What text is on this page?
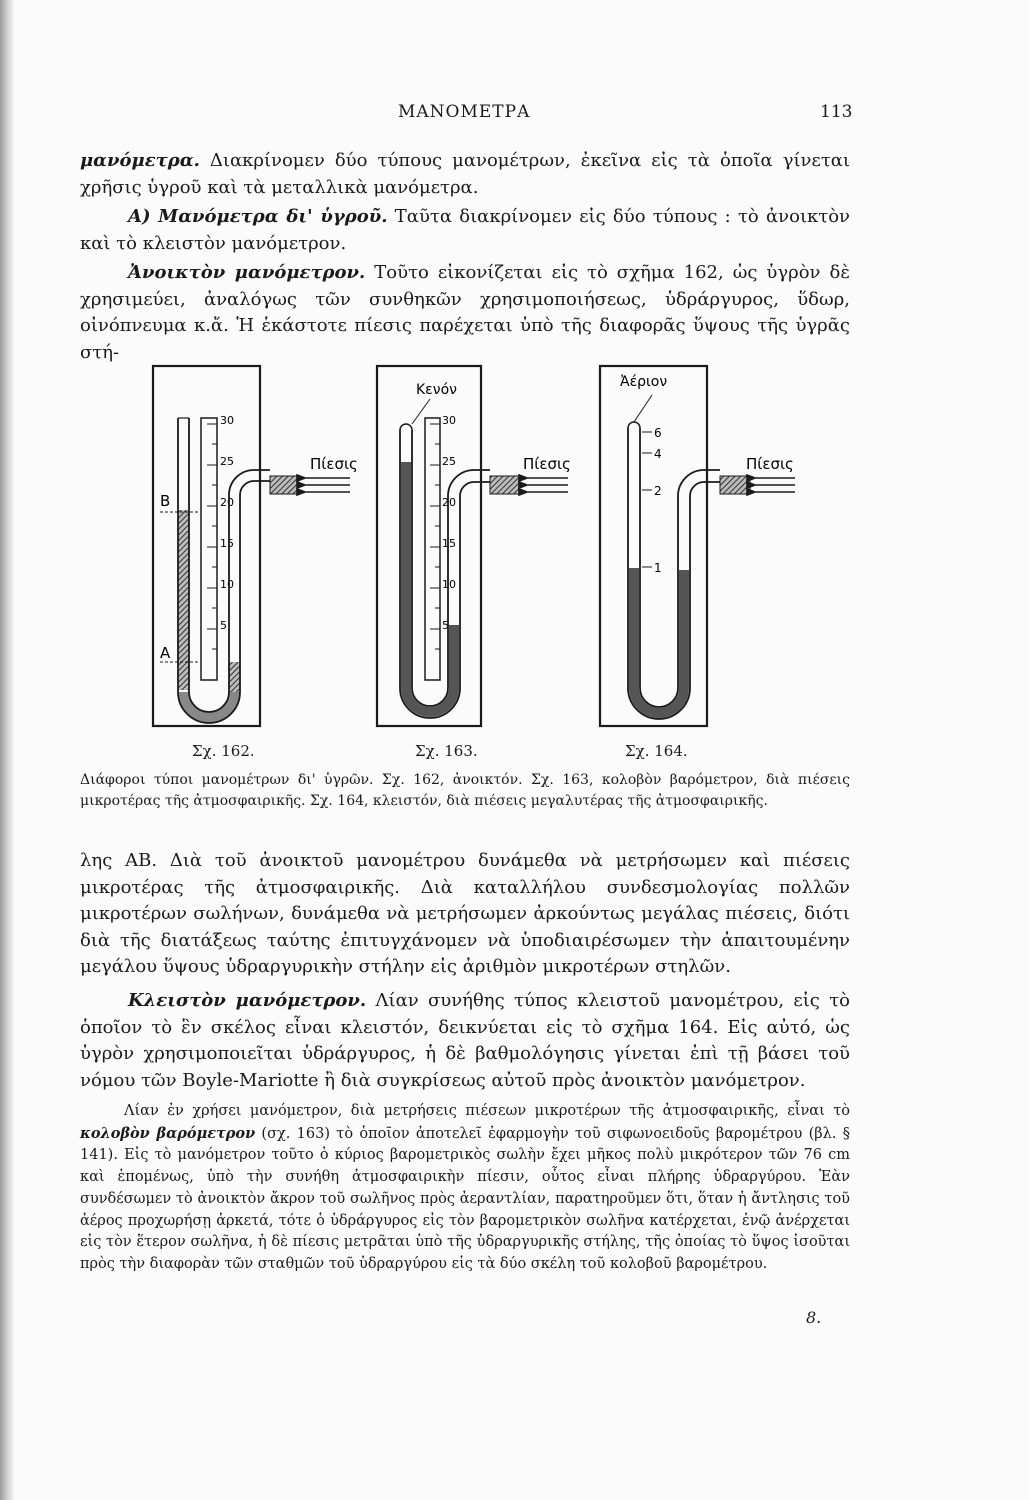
ΜΑΝΟΜΕΤΡΑ	113

μανόμετρα. Διακρίνομεν δύο τύπους μανομέτρων, ἐκεῖνα εἰς τὰ ὁποῖα γίνεται χρῆσις ὑγροῦ καὶ τὰ μεταλλικὰ μανόμετρα.

Α) Μανόμετρα δι' ὑγροῦ. Ταῦτα διακρίνομεν εἰς δύο τύπους : τὸ ἀνοικτὸν καὶ τὸ κλειστὸν μανόμετρον.

Ἀνοικτὸν μανόμετρον. Τοῦτο εἰκονίζεται εἰς τὸ σχῆμα 162, ὡς ὑγρὸν δὲ χρησιμεύει, ἀναλόγως τῶν συνθηκῶν χρησιμοποιήσεως, ὑδράργυρος, ὕδωρ, οἰνόπνευμα κ.ἄ. Ἡ ἑκάστοτε πίεσις παρέχεται ὑπὸ τῆς διαφορᾶς ὕψους τῆς ὑγρᾶς στή-

30
25
20
15
10
5
Β
Α
Πίεσις
Κενόν
30
25
20
15
10
5
Πίεσις
Ἀέριον
6
4
2
1
Πίεσις
Σχ. 162.	Σχ. 163.	Σχ. 164.

Διάφοροι τύποι μανομέτρων δι' ὑγρῶν. Σχ. 162, ἀνοικτόν. Σχ. 163, κολοβὸν βαρόμετρον, διὰ πιέσεις μικροτέρας τῆς ἀτμοσφαιρικῆς. Σχ. 164, κλειστόν, διὰ πιέσεις μεγαλυτέρας τῆς ἀτμοσφαιρικῆς.

λης ΑΒ. Διὰ τοῦ ἀνοικτοῦ μανομέτρου δυνάμεθα νὰ μετρήσωμεν καὶ πιέσεις μικροτέρας τῆς ἀτμοσφαιρικῆς. Διὰ καταλλήλου συνδεσμολογίας πολλῶν μικροτέρων σωλήνων, δυνάμεθα νὰ μετρήσωμεν ἀρκούντως μεγάλας πιέσεις, διότι διὰ τῆς διατάξεως ταύτης ἐπιτυγχάνομεν νὰ ὑποδιαιρέσωμεν τὴν ἀπαιτουμένην μεγάλου ὕψους ὑδραργυρικὴν στήλην εἰς ἀριθμὸν μικροτέρων στηλῶν.

Κλειστὸν μανόμετρον. Λίαν συνήθης τύπος κλειστοῦ μανομέτρου, εἰς τὸ ὁποῖον τὸ ἓν σκέλος εἶναι κλειστόν, δεικνύεται εἰς τὸ σχῆμα 164. Εἰς αὐτό, ὡς ὑγρὸν χρησιμοποιεῖται ὑδράργυρος, ἡ δὲ βαθμολόγησις γίνεται ἐπὶ τῇ βάσει τοῦ νόμου τῶν Boyle-Mariotte ἢ διὰ συγκρίσεως αὐτοῦ πρὸς ἀνοικτὸν μανόμετρον.

Λίαν ἐν χρήσει μανόμετρον, διὰ μετρήσεις πιέσεων μικροτέρων τῆς ἀτμοσφαιρικῆς, εἶναι τὸ κολοβὸν βαρόμετρον (σχ. 163) τὸ ὁποῖον ἀποτελεῖ ἐφαρμογὴν τοῦ σιφωνοειδοῦς βαρομέτρου (βλ. § 141). Εἰς τὸ μανόμετρον τοῦτο ὁ κύριος βαρομετρικὸς σωλὴν ἔχει μῆκος πολὺ μικρότερον τῶν 76 cm καὶ ἑπομένως, ὑπὸ τὴν συνήθη ἀτμοσφαιρικὴν πίεσιν, οὗτος εἶναι πλήρης ὑδραργύρου. Ἐὰν συνδέσωμεν τὸ ἀνοικτὸν ἄκρον τοῦ σωλῆνος πρὸς ἀεραντλίαν, παρατηροῦμεν ὅτι, ὅταν ἡ ἄντλησις τοῦ ἀέρος προχωρήσῃ ἀρκετά, τότε ὁ ὑδράργυρος εἰς τὸν βαρομετρικὸν σωλῆνα κατέρχεται, ἐνῷ ἀνέρχεται εἰς τὸν ἕτερον σωλῆνα, ἡ δὲ πίεσις μετρᾶται ὑπὸ τῆς ὑδραργυρικῆς στήλης, τῆς ὁποίας τὸ ὕψος ἰσοῦται πρὸς τὴν διαφορὰν τῶν σταθμῶν τοῦ ὑδραργύρου εἰς τὰ δύο σκέλη τοῦ κολοβοῦ βαρομέτρου.

8.
